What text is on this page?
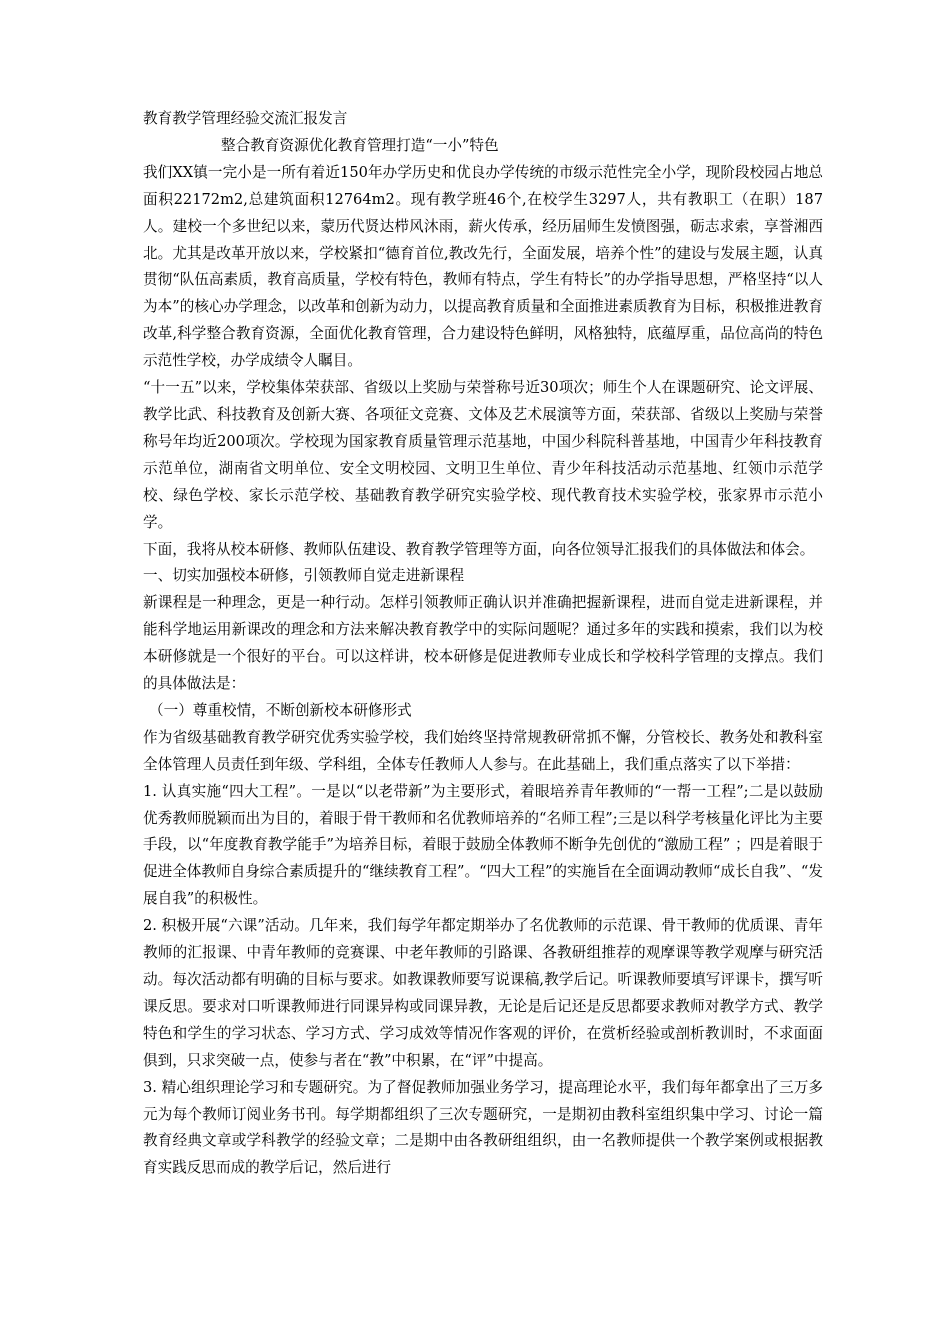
教育教学管理经验交流汇报发言

整合教育资源优化教育管理打造“一小”特色

我们XX镇一完小是一所有着近150年办学历史和优良办学传统的市级示范性完全小学，现阶段校园占地总面积22172m2,总建筑面积12764m2。现有教学班46个,在校学生3297人，共有教职工（在职）187人。建校一个多世纪以来，蒙历代贤达栉风沐雨，薪火传承，经历届师生发愤图强，砺志求索，享誉湘西北。尤其是改革开放以来，学校紧扣“德育首位,教改先行，全面发展，培养个性”的建设与发展主题，认真贯彻“队伍高素质，教育高质量，学校有特色，教师有特点，学生有特长”的办学指导思想，严格坚持“以人为本”的核心办学理念，以改革和创新为动力，以提高教育质量和全面推进素质教育为目标，积极推进教育改革,科学整合教育资源，全面优化教育管理，合力建设特色鲜明，风格独特，底蕴厚重，品位高尚的特色示范性学校，办学成绩令人瞩目。

“十一五”以来，学校集体荣获部、省级以上奖励与荣誉称号近30项次；师生个人在课题研究、论文评展、教学比武、科技教育及创新大赛、各项征文竞赛、文体及艺术展演等方面，荣获部、省级以上奖励与荣誉称号年均近200项次。学校现为国家教育质量管理示范基地，中国少科院科普基地，中国青少年科技教育示范单位，湖南省文明单位、安全文明校园、文明卫生单位、青少年科技活动示范基地、红领巾示范学校、绿色学校、家长示范学校、基础教育教学研究实验学校、现代教育技术实验学校，张家界市示范小学。

下面，我将从校本研修、教师队伍建设、教育教学管理等方面，向各位领导汇报我们的具体做法和体会。

一、切实加强校本研修，引领教师自觉走进新课程

新课程是一种理念，更是一种行动。怎样引领教师正确认识并准确把握新课程，进而自觉走进新课程，并能科学地运用新课改的理念和方法来解决教育教学中的实际问题呢？通过多年的实践和摸索，我们以为校本研修就是一个很好的平台。可以这样讲，校本研修是促进教师专业成长和学校科学管理的支撑点。我们的具体做法是：

（一）尊重校情，不断创新校本研修形式

作为省级基础教育教学研究优秀实验学校，我们始终坚持常规教研常抓不懈，分管校长、教务处和教科室全体管理人员责任到年级、学科组，全体专任教师人人参与。在此基础上，我们重点落实了以下举措：

1. 认真实施“四大工程”。一是以“以老带新”为主要形式，着眼培养青年教师的“一帮一工程”;二是以鼓励优秀教师脱颖而出为目的，着眼于骨干教师和名优教师培养的“名师工程”;三是以科学考核量化评比为主要手段，以“年度教育教学能手”为培养目标，着眼于鼓励全体教师不断争先创优的“激励工程” ；四是着眼于促进全体教师自身综合素质提升的“继续教育工程”。“四大工程”的实施旨在全面调动教师“成长自我”、“发展自我”的积极性。

2. 积极开展“六课”活动。几年来，我们每学年都定期举办了名优教师的示范课、骨干教师的优质课、青年教师的汇报课、中青年教师的竞赛课、中老年教师的引路课、各教研组推荐的观摩课等教学观摩与研究活动。每次活动都有明确的目标与要求。如教课教师要写说课稿,教学后记。听课教师要填写评课卡，撰写听课反思。要求对口听课教师进行同课异构或同课异教，无论是后记还是反思都要求教师对教学方式、教学特色和学生的学习状态、学习方式、学习成效等情况作客观的评价，在赏析经验或剖析教训时，不求面面俱到，只求突破一点，使参与者在“教”中积累，在“评”中提高。

3. 精心组织理论学习和专题研究。为了督促教师加强业务学习，提高理论水平，我们每年都拿出了三万多元为每个教师订阅业务书刊。每学期都组织了三次专题研究，一是期初由教科室组织集中学习、讨论一篇教育经典文章或学科教学的经验文章；二是期中由各教研组组织，由一名教师提供一个教学案例或根据教育实践反思而成的教学后记，然后进行
